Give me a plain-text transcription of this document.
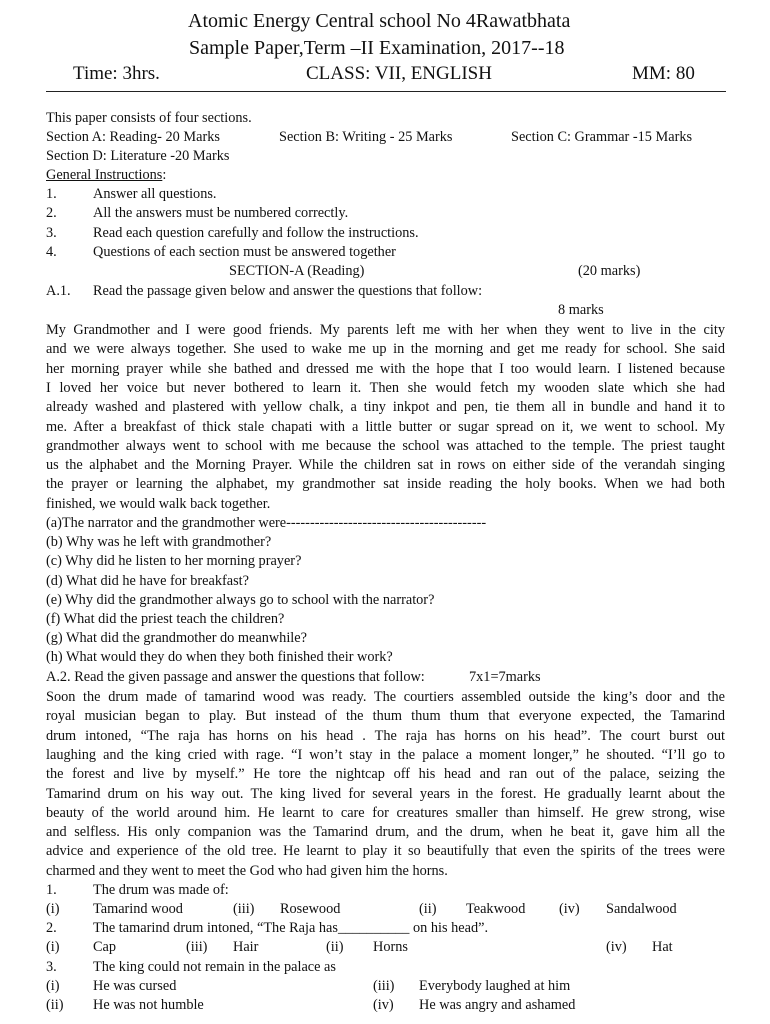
Atomic Energy Central school No 4Rawatbhata
Sample Paper,Term –II Examination, 2017--18
Time: 3hrs.	CLASS: VII, ENGLISH	MM: 80
This paper consists of four sections.
Section A: Reading- 20 Marks	Section B: Writing - 25 Marks	Section C: Grammar -15 Marks
Section D: Literature -20 Marks
General Instructions:
1.	Answer all questions.
2.	All the answers must be numbered correctly.
3.	Read each question carefully and follow the instructions.
4.	Questions of each section must be answered together
SECTION-A (Reading)	(20 marks)
A.1. Read the passage given below and answer the questions that follow:
8 marks
My Grandmother and I were good friends. My parents left me with her when they went to live in the city
and we were always together. She used to wake me up in the morning and get me ready for school. She said
her morning prayer while she bathed and dressed me with the hope that I too would learn. I listened because
I loved her voice but never bothered to learn it. Then she would fetch my wooden slate which she had
already washed and plastered with yellow chalk, a tiny inkpot and pen, tie them all in bundle and hand it to
me. After a breakfast of thick stale chapati with a little butter or sugar spread on it, we went to school. My
grandmother always went to school with me because the school was attached to the temple. The priest taught
us the alphabet and the Morning Prayer. While the children sat in rows on either side of the verandah singing
the prayer or learning the alphabet, my grandmother sat inside reading the holy books. When we had both
finished, we would walk back together.
(a)The narrator and the grandmother were------------------------------------------
(b) Why was he left with grandmother?
(c) Why did he listen to her morning prayer?
(d) What did he have for breakfast?
(e) Why did the grandmother always go to school with the narrator?
(f) What did the priest teach the children?
(g) What did the grandmother do meanwhile?
(h) What would they do when they both finished their work?
A.2. Read the given passage and answer the questions that follow:	7x1=7marks
Soon the drum made of tamarind wood was ready. The courtiers assembled outside the king’s door and the
royal musician began to play. But instead of the thum thum thum that everyone expected, the Tamarind
drum intoned, “The raja has horns on his head . The raja has horns on his head”. The court burst out
laughing and the king cried with rage. “I won’t stay in the palace a moment longer,” he shouted. “I’ll go to
the forest and live by myself.” He tore the nightcap off his head and ran out of the palace, seizing the
Tamarind drum on his way out. The king lived for several years in the forest. He gradually learnt about the
beauty of the world around him. He learnt to care for creatures smaller than himself. He grew strong, wise
and selfless. His only companion was the Tamarind drum, and the drum, when he beat it, gave him all the
advice and experience of the old tree. He learnt to play it so beautifully that even the spirits of the trees were
charmed and they went to meet the God who had given him the horns.
1.	The drum was made of:
(i) Tamarind wood	(iii) Rosewood	(ii) Teakwood (iv) Sandalwood
2.	The tamarind drum intoned, “The Raja has__________ on his head”.
(i) Cap	(iii) Hair	(ii) Horns	(iv) Hat
3.	The king could not remain in the palace as
(i) He was cursed	(iii) Everybody laughed at him
(ii) He was not humble	(iv) He was angry and ashamed
